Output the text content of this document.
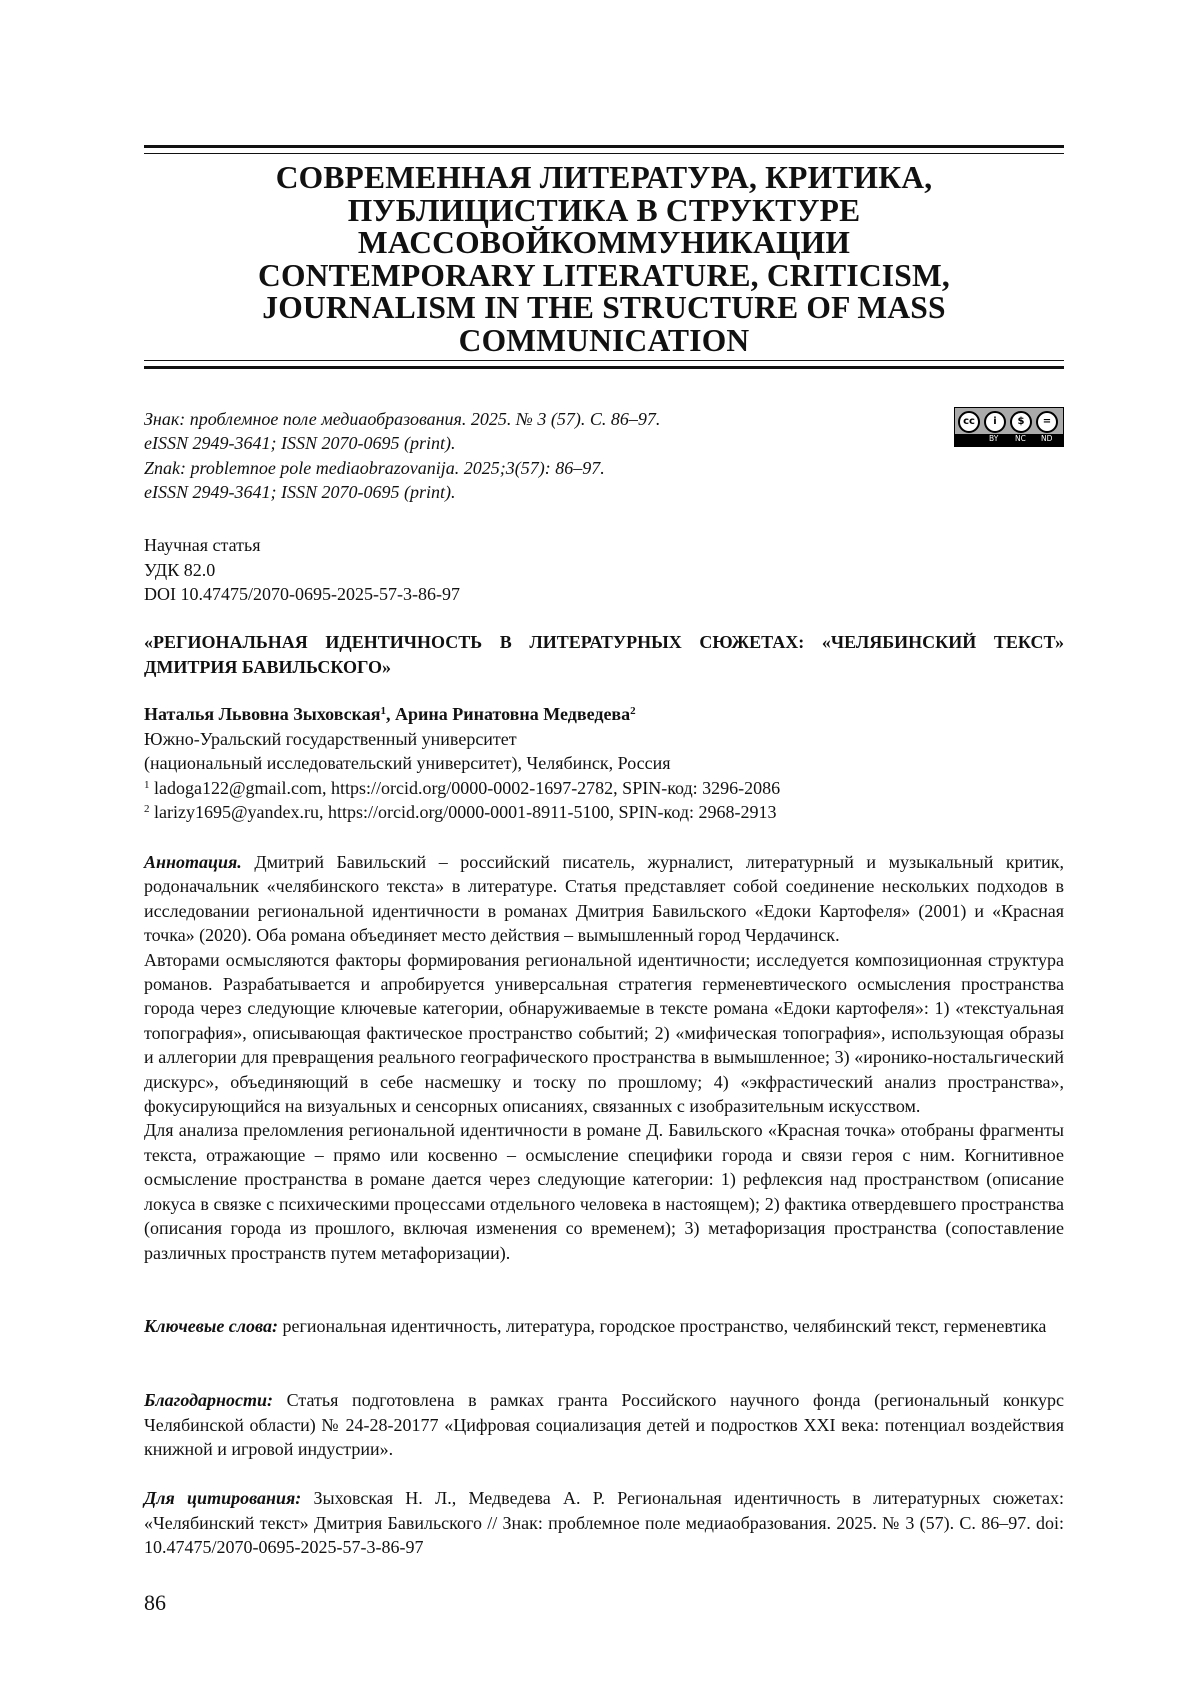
СОВРЕМЕННАЯ ЛИТЕРАТУРА, КРИТИКА,
ПУБЛИЦИСТИКА В СТРУКТУРЕ
МАССОВОЙКОММУНИКАЦИИ
CONTEMPORARY LITERATURE, CRITICISM,
JOURNALISM IN THE STRUCTURE OF MASS
COMMUNICATION
Знак: проблемное поле медиаобразования. 2025. № 3 (57). С. 86–97.
eISSN 2949-3641; ISSN 2070-0695 (print).
Znak: problemnoe pole mediaobrazovanija. 2025;3(57): 86–97.
eISSN 2949-3641; ISSN 2070-0695 (print).
cc	i	$	=
BY NC ND
Научная статья
УДК 82.0
DOI 10.47475/2070-0695-2025-57-3-86-97
«РЕГИОНАЛЬНАЯ ИДЕНТИЧНОСТЬ В ЛИТЕРАТУРНЫХ СЮЖЕТАХ: «ЧЕЛЯБИНСКИЙ ТЕКСТ» ДМИТРИЯ БАВИЛЬСКОГО»
Наталья Львовна Зыховская$^1$, Арина Ринатовна Медведева$^2$
Южно-Уральский государственный университет
(национальный исследовательский университет), Челябинск, Россия
$^1$ ladoga122@gmail.com, https://orcid.org/0000-0002-1697-2782, SPIN-код: 3296-2086
$^2$ larizy1695@yandex.ru, https://orcid.org/0000-0001-8911-5100, SPIN-код: 2968-2913

Аннотация. Дмитрий Бавильский – российский писатель, журналист, литературный и музыкальный критик, родоначальник «челябинского текста» в литературе. Статья представляет собой соединение нескольких подходов в исследовании региональной идентичности в романах Дмитрия Бавильского «Едоки Картофеля» (2001) и «Красная точка» (2020). Оба романа объединяет место действия – вымышленный город Чердачинск.

Авторами осмысляются факторы формирования региональной идентичности; исследуется композиционная структура романов. Разрабатывается и апробируется универсальная стратегия герменевтического осмысления пространства города через следующие ключевые категории, обнаруживаемые в тексте романа «Едоки картофеля»: 1) «текстуальная топография», описывающая фактическое пространство событий; 2) «мифическая топография», использующая образы и аллегории для превращения реального географического пространства в вымышленное; 3) «иронико-ностальгический дискурс», объединяющий в себе насмешку и тоску по прошлому; 4) «экфрастический анализ пространства», фокусирующийся на визуальных и сенсорных описаниях, связанных с изобразительным искусством.

Для анализа преломления региональной идентичности в романе Д. Бавильского «Красная точка» отобраны фрагменты текста, отражающие – прямо или косвенно – осмысление специфики города и связи героя с ним. Когнитивное осмысление пространства в романе дается через следующие категории: 1) рефлексия над пространством (описание локуса в связке с психическими процессами отдельного человека в настоящем); 2) фактика отвердевшего пространства (описания города из прошлого, включая изменения со временем); 3) метафоризация пространства (сопоставление различных пространств путем метафоризации).

Ключевые слова: региональная идентичность, литература, городское пространство, челябинский текст, герменевтика
Благодарности: Статья подготовлена в рамках гранта Российского научного фонда (региональный конкурс Челябинской области) № 24-28-20177 «Цифровая социализация детей и подростков XXI века: потенциал воздействия книжной и игровой индустрии».
Для цитирования: Зыховская Н. Л., Медведева А. Р. Региональная идентичность в литературных сюжетах: «Челябинский текст» Дмитрия Бавильского // Знак: проблемное поле медиаобразования. 2025. № 3 (57). С. 86–97. doi: 10.47475/2070-0695-2025-57-3-86-97
86
